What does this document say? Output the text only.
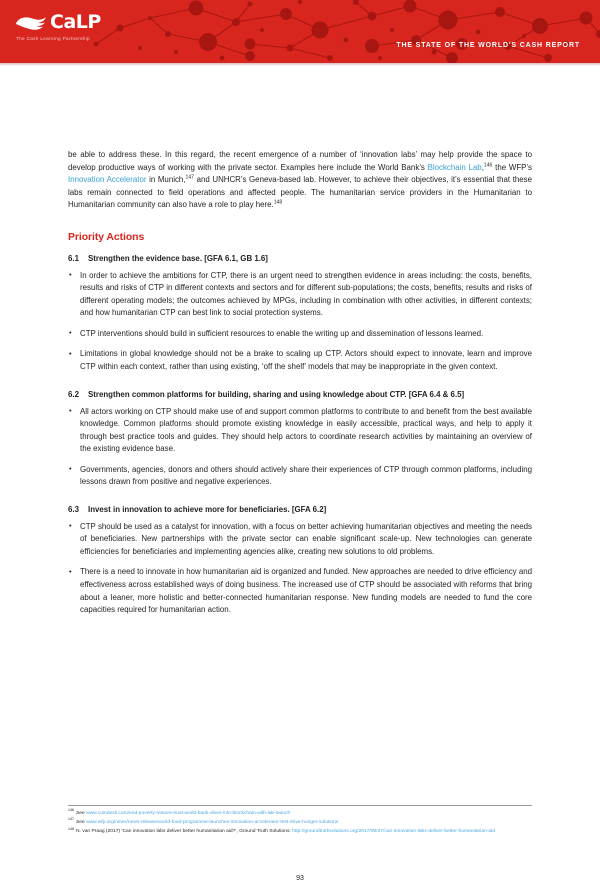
CaLP
The Cash Learning Partnership
THE STATE OF THE WORLD'S CASH REPORT

be able to address these. In this regard, the recent emergence of a number of ‘innovation labs’ may help provide the space to develop productive ways of working with the private sector. Examples here include the World Bank’s Blockchain Lab,$^{146}$ the WFP’s Innovation Accelerator in Munich,$^{147}$ and UNHCR’s Geneva-based lab. However, to achieve their objectives, it’s essential that these labs remain connected to field operations and affected people. The humanitarian service providers in the Humanitarian to Humanitarian community can also have a role to play here.$^{148}$

Priority Actions
6.1 Strengthen the evidence base. [GFA 6.1, GB 1.6]
• In order to achieve the ambitions for CTP, there is an urgent need to strengthen evidence in areas including: the costs, benefits, results and risks of CTP in different contexts and sectors and for different sub-populations; the costs, benefits, results and risks of different operating models; the outcomes achieved by MPGs, including in combination with other activities, in different contexts; and how humanitarian CTP can best link to social protection systems.
• CTP interventions should build in sufficient resources to enable the writing up and dissemination of lessons learned.
• Limitations in global knowledge should not be a brake to scaling up CTP. Actors should expect to innovate, learn and improve CTP within each context, rather than using existing, ‘off the shelf’ models that may be inappropriate in the given context.
6.2 Strengthen common platforms for building, sharing and using knowledge about CTP. [GFA 6.4 & 6.5]
• All actors working on CTP should make use of and support common platforms to contribute to and benefit from the best available knowledge. Common platforms should promote existing knowledge in easily accessible, practical ways, and help to apply it through best practice tools and guides. They should help actors to coordinate research activities by maintaining an overview of the existing evidence base.
• Governments, agencies, donors and others should actively share their experiences of CTP through common platforms, including lessons drawn from positive and negative experiences.
6.3 Invest in innovation to achieve more for beneficiaries. [GFA 6.2]
• CTP should be used as a catalyst for innovation, with a focus on better achieving humanitarian objectives and meeting the needs of beneficiaries. New partnerships with the private sector can enable significant scale-up. New technologies can generate efficiencies for beneficiaries and implementing agencies alike, creating new solutions to old problems.
• There is a need to innovate in how humanitarian aid is organized and funded. New approaches are needed to drive efficiency and effectiveness across established ways of doing business. The increased use of CTP should be associated with reforms that bring about a leaner, more holistic and better-connected humanitarian response. New funding models are needed to fund the core capacities required for humanitarian action.

$^{146}$See www.coindesk.com/end-poverty-restore-trust-world-bank-dives-into-blockchain-with-lab-launch

$^{147}$See www.wfp.org/news/news-release/world-food-programme-launches-innovation-accelerator-test-drive-hunger-solutions

$^{148}$N. van Praag (2017) ‘Can innovation labs deliver better humanitarian aid?’, Ground Truth Solutions: http://groundtruthsolutions.org/2017/09/27/can-innovation-labs-deliver-better-humanitarian-aid

93
